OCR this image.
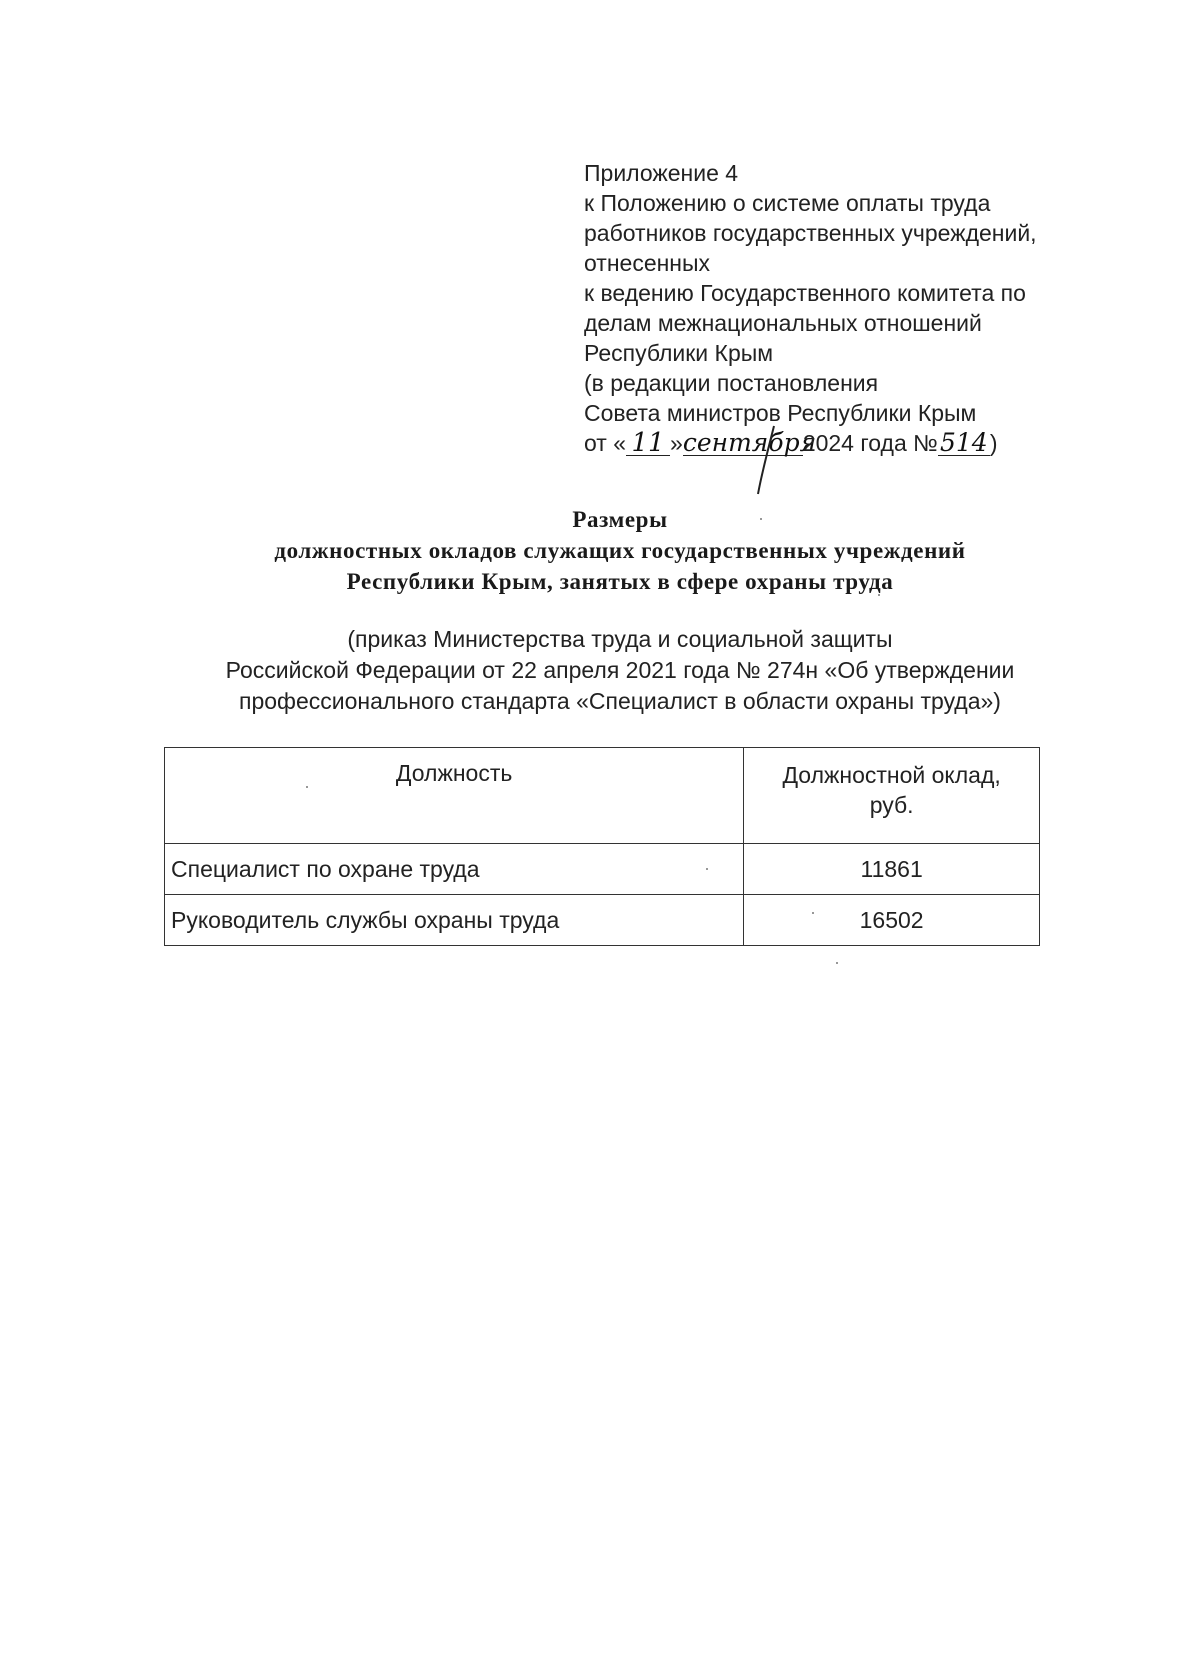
Приложение 4
к Положению о системе оплаты труда
работников государственных учреждений,
отнесенных
к ведению Государственного комитета по
делам межнациональных отношений
Республики Крым
(в редакции постановления
Совета министров Республики Крым
от « 11 »сентября2024 года №514)
Размеры
должностных окладов служащих государственных учреждений
Республики Крым, занятых в сфере охраны труда
(приказ Министерства труда и социальной защиты
Российской Федерации от 22 апреля 2021 года № 274н «Об утверждении
профессионального стандарта «Специалист в области охраны труда»)
Должность	Должностной оклад,
руб.

Специалист по охране труда	11861
Руководитель службы охраны труда	16502
